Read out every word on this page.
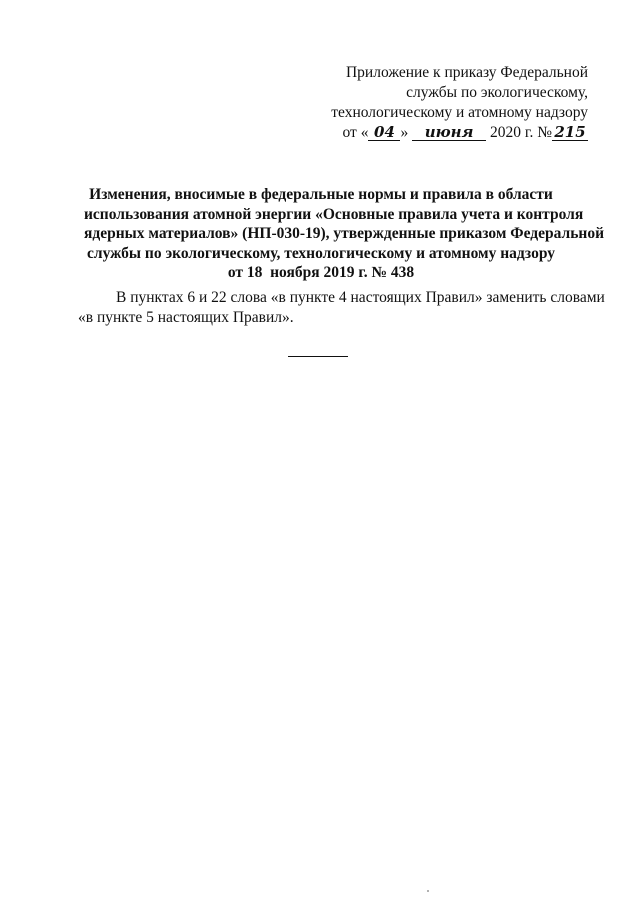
Приложение к приказу Федеральной
службы по экологическому,
технологическому и атомному надзору
от « 04 » июня 2020 г. № 215
Изменения, вносимые в федеральные нормы и правила в области
использования атомной энергии «Основные правила учета и контроля
ядерных материалов» (НП-030-19), утвержденные приказом Федеральной
службы по экологическому, технологическому и атомному надзору
от 18  ноября 2019 г. № 438
В пунктах 6 и 22 слова «в пункте 4 настоящих Правил» заменить словами
«в пункте 5 настоящих Правил».
